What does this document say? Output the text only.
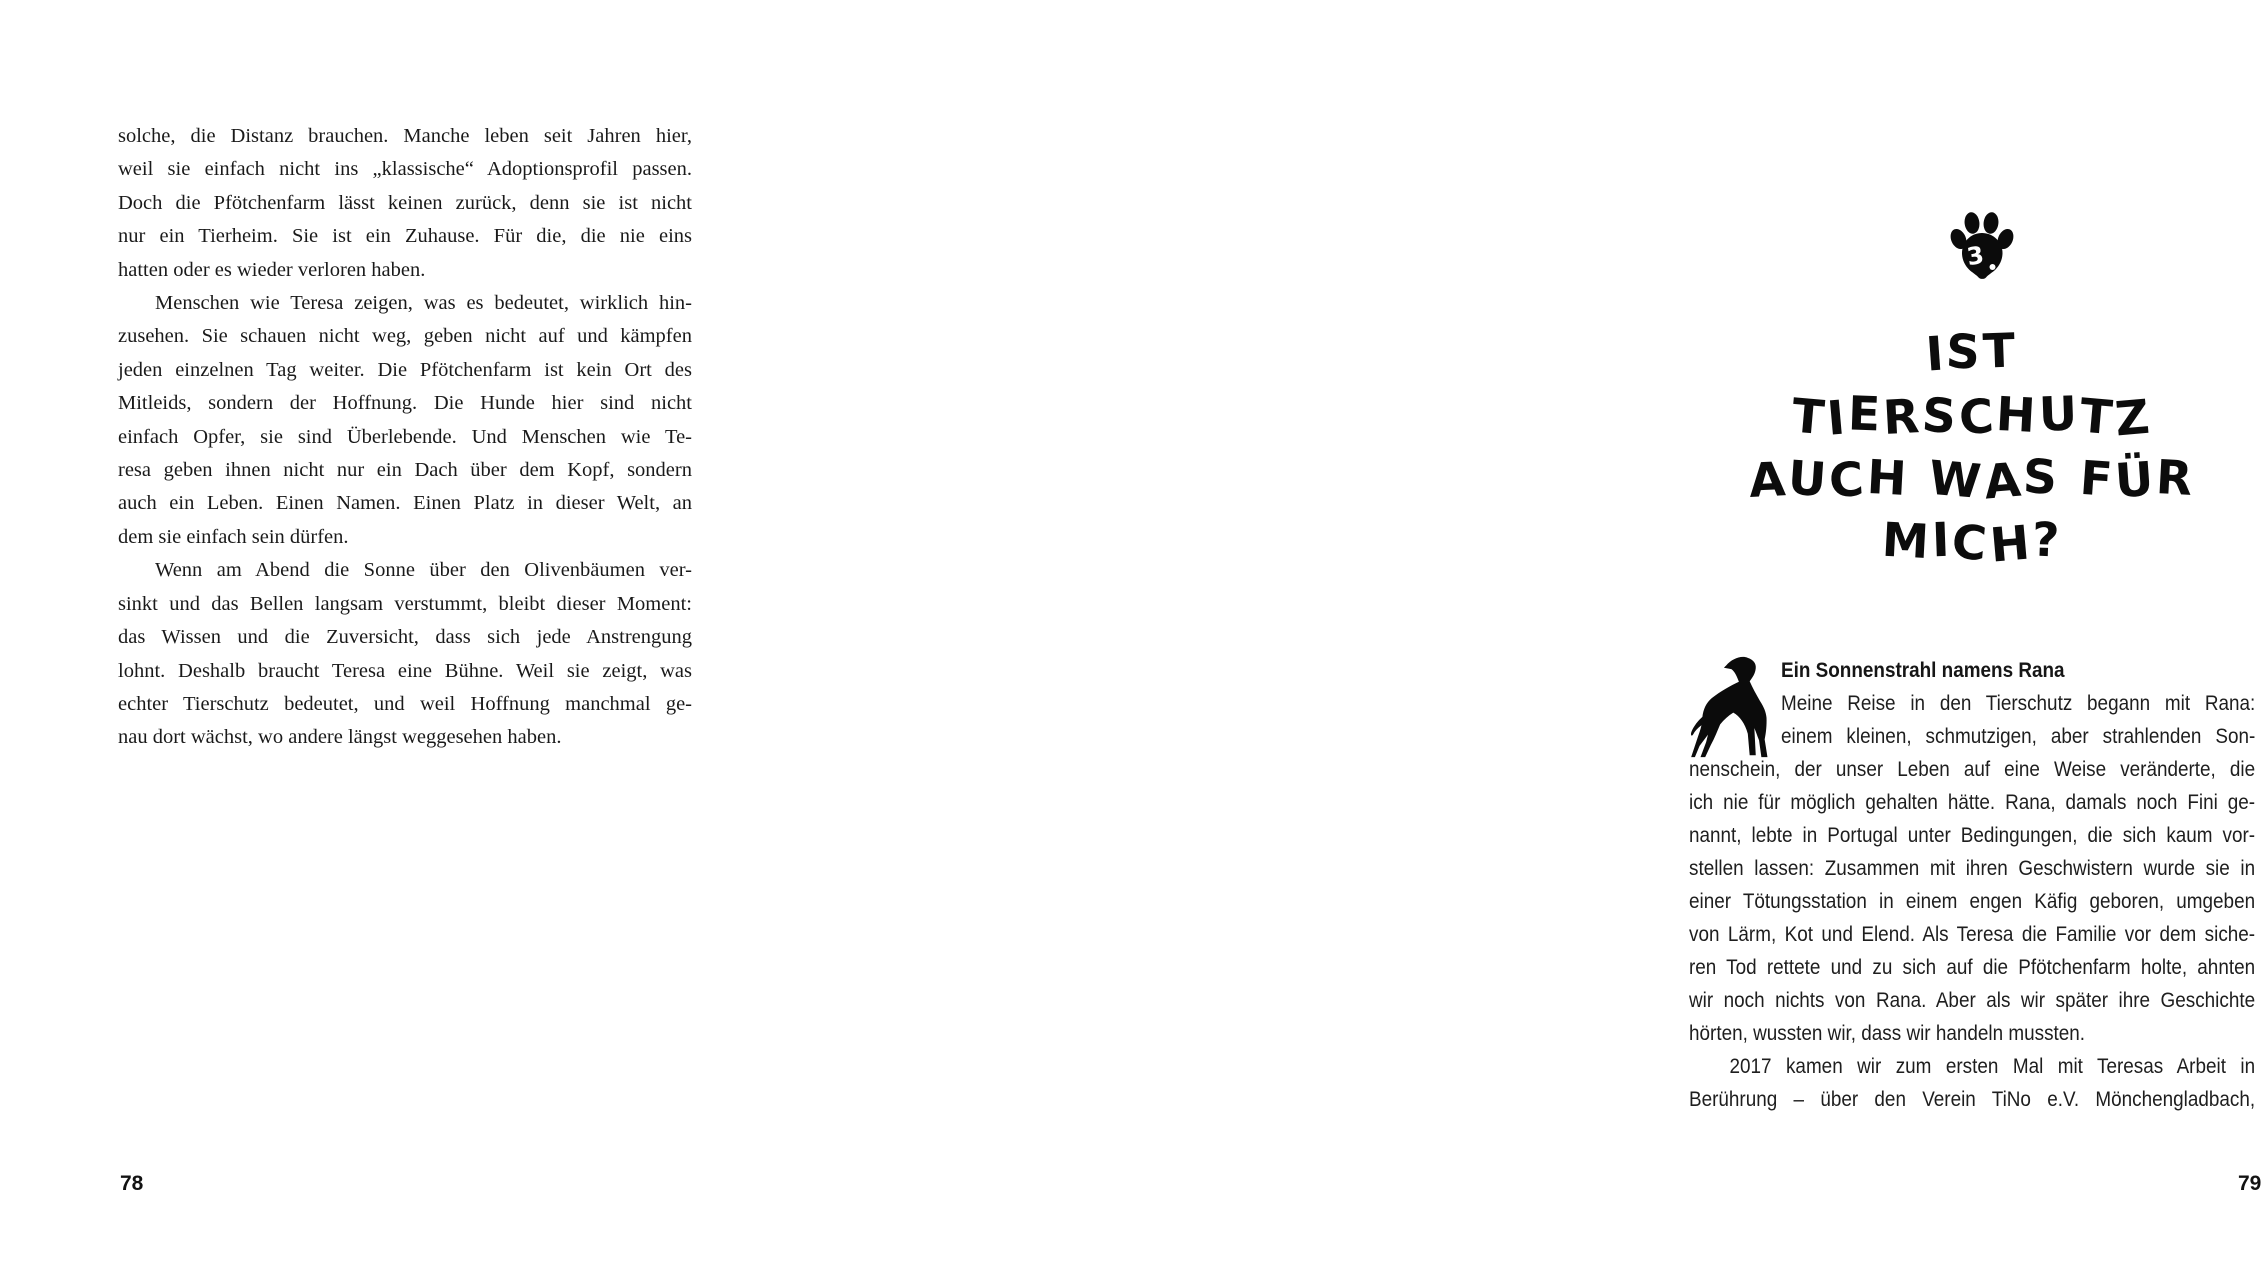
solche, die Distanz brauchen. Manche leben seit Jahren hier,
weil sie einfach nicht ins „klassische“ Adoptionsprofil passen.
Doch die Pfötchenfarm lässt keinen zurück, denn sie ist nicht
nur ein Tierheim. Sie ist ein Zuhause. Für die, die nie eins
hatten oder es wieder verloren haben.
Menschen wie Teresa zeigen, was es bedeutet, wirklich hin-
zusehen. Sie schauen nicht weg, geben nicht auf und kämpfen
jeden einzelnen Tag weiter. Die Pfötchenfarm ist kein Ort des
Mitleids, sondern der Hoffnung. Die Hunde hier sind nicht
einfach Opfer, sie sind Überlebende. Und Menschen wie Te-
resa geben ihnen nicht nur ein Dach über dem Kopf, sondern
auch ein Leben. Einen Namen. Einen Platz in dieser Welt, an
dem sie einfach sein dürfen.
Wenn am Abend die Sonne über den Olivenbäumen ver-
sinkt und das Bellen langsam verstummt, bleibt dieser Moment:
das Wissen und die Zuversicht, dass sich jede Anstrengung
lohnt. Deshalb braucht Teresa eine Bühne. Weil sie zeigt, was
echter Tierschutz bedeutet, und weil Hoffnung manchmal ge-
nau dort wächst, wo andere längst weggesehen haben.
78
3
IST
TIERSCHUTZ
AUCH WAS FÜR
MICH?
Ein Sonnenstrahl namens Rana
Meine Reise in den Tierschutz begann mit Rana:
einem kleinen, schmutzigen, aber strahlenden Son-
nenschein, der unser Leben auf eine Weise veränderte, die
ich nie für möglich gehalten hätte. Rana, damals noch Fini ge-
nannt, lebte in Portugal unter Bedingungen, die sich kaum vor-
stellen lassen: Zusammen mit ihren Geschwistern wurde sie in
einer Tötungsstation in einem engen Käfig geboren, umgeben
von Lärm, Kot und Elend. Als Teresa die Familie vor dem siche-
ren Tod rettete und zu sich auf die Pfötchenfarm holte, ahnten
wir noch nichts von Rana. Aber als wir später ihre Geschichte
hörten, wussten wir, dass wir handeln mussten.
2017 kamen wir zum ersten Mal mit Teresas Arbeit in
Berührung – über den Verein TiNo e.V. Mönchengladbach,
79
